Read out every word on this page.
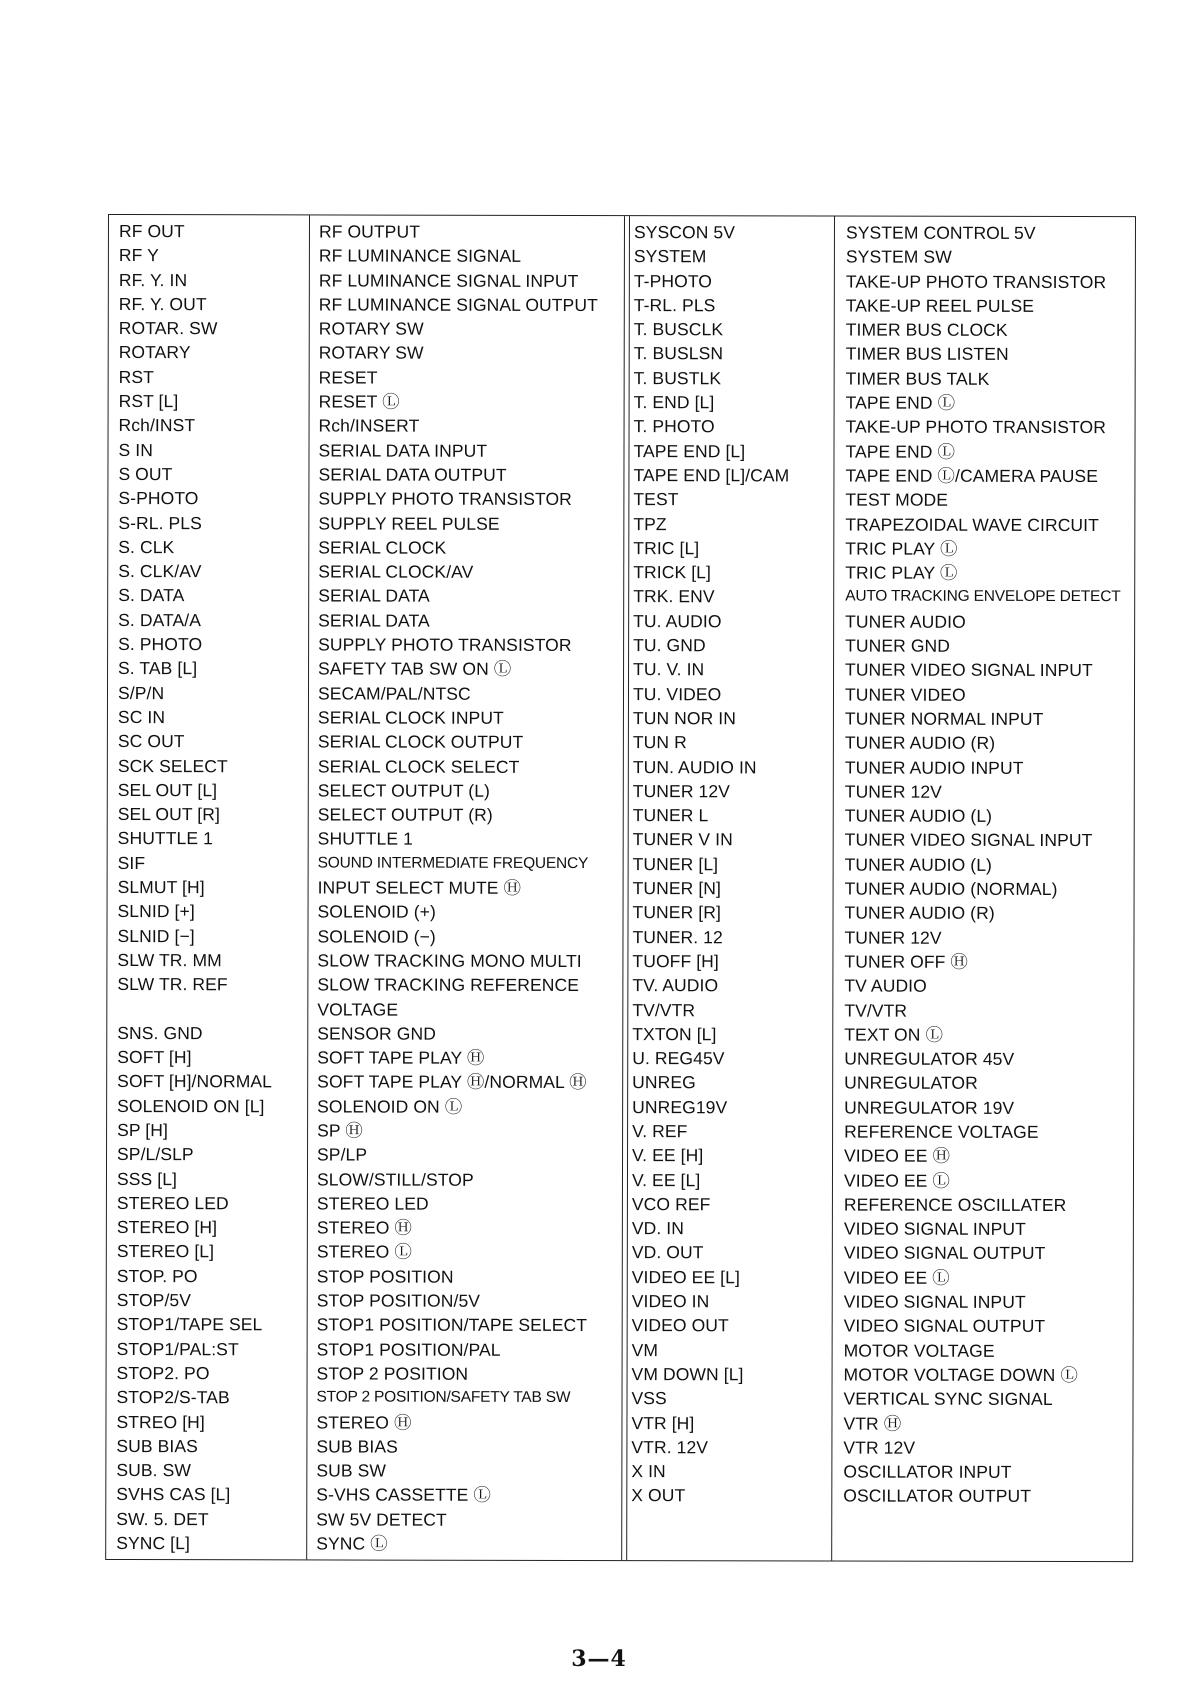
RF OUT
RF Y
RF. Y. IN
RF. Y. OUT
ROTAR. SW
ROTARY
RST
RST [L]
Rch/INST
S IN
S OUT
S-PHOTO
S-RL. PLS
S. CLK
S. CLK/AV
S. DATA
S. DATA/A
S. PHOTO
S. TAB [L]
S/P/N
SC IN
SC OUT
SCK SELECT
SEL OUT [L]
SEL OUT [R]
SHUTTLE 1
SIF
SLMUT [H]
SLNID [+]
SLNID [−]
SLW TR. MM
SLW TR. REF
SNS. GND
SOFT [H]
SOFT [H]/NORMAL
SOLENOID ON [L]
SP [H]
SP/L/SLP
SSS [L]
STEREO LED
STEREO [H]
STEREO [L]
STOP. PO
STOP/5V
STOP1/TAPE SEL
STOP1/PAL:ST
STOP2. PO
STOP2/S-TAB
STREO [H]
SUB BIAS
SUB. SW
SVHS CAS [L]
SW. 5. DET
SYNC [L]
RF OUTPUT
RF LUMINANCE SIGNAL
RF LUMINANCE SIGNAL INPUT
RF LUMINANCE SIGNAL OUTPUT
ROTARY SW
ROTARY SW
RESET
RESET Ⓛ
Rch/INSERT
SERIAL DATA INPUT
SERIAL DATA OUTPUT
SUPPLY PHOTO TRANSISTOR
SUPPLY REEL PULSE
SERIAL CLOCK
SERIAL CLOCK/AV
SERIAL DATA
SERIAL DATA
SUPPLY PHOTO TRANSISTOR
SAFETY TAB SW ON Ⓛ
SECAM/PAL/NTSC
SERIAL CLOCK INPUT
SERIAL CLOCK OUTPUT
SERIAL CLOCK SELECT
SELECT OUTPUT (L)
SELECT OUTPUT (R)
SHUTTLE 1
SOUND INTERMEDIATE FREQUENCY
INPUT SELECT MUTE Ⓗ
SOLENOID (+)
SOLENOID (−)
SLOW TRACKING MONO MULTI
SLOW TRACKING REFERENCE
VOLTAGE
SENSOR GND
SOFT TAPE PLAY Ⓗ
SOFT TAPE PLAY Ⓗ/NORMAL Ⓗ
SOLENOID ON Ⓛ
SP Ⓗ
SP/LP
SLOW/STILL/STOP
STEREO LED
STEREO Ⓗ
STEREO Ⓛ
STOP POSITION
STOP POSITION/5V
STOP1 POSITION/TAPE SELECT
STOP1 POSITION/PAL
STOP 2 POSITION
STOP 2 POSITION/SAFETY TAB SW
STEREO Ⓗ
SUB BIAS
SUB SW
S-VHS CASSETTE Ⓛ
SW 5V DETECT
SYNC Ⓛ
SYSCON 5V
SYSTEM
T-PHOTO
T-RL. PLS
T. BUSCLK
T. BUSLSN
T. BUSTLK
T. END [L]
T. PHOTO
TAPE END [L]
TAPE END [L]/CAM
TEST
TPZ
TRIC [L]
TRICK [L]
TRK. ENV
TU. AUDIO
TU. GND
TU. V. IN
TU. VIDEO
TUN NOR IN
TUN R
TUN. AUDIO IN
TUNER 12V
TUNER L
TUNER V IN
TUNER [L]
TUNER [N]
TUNER [R]
TUNER. 12
TUOFF [H]
TV. AUDIO
TV/VTR
TXTON [L]
U. REG45V
UNREG
UNREG19V
V. REF
V. EE [H]
V. EE [L]
VCO REF
VD. IN
VD. OUT
VIDEO EE [L]
VIDEO IN
VIDEO OUT
VM
VM DOWN [L]
VSS
VTR [H]
VTR. 12V
X IN
X OUT
SYSTEM CONTROL 5V
SYSTEM SW
TAKE-UP PHOTO TRANSISTOR
TAKE-UP REEL PULSE
TIMER BUS CLOCK
TIMER BUS LISTEN
TIMER BUS TALK
TAPE END Ⓛ
TAKE-UP PHOTO TRANSISTOR
TAPE END Ⓛ
TAPE END Ⓛ/CAMERA PAUSE
TEST MODE
TRAPEZOIDAL WAVE CIRCUIT
TRIC PLAY Ⓛ
TRIC PLAY Ⓛ
AUTO TRACKING ENVELOPE DETECT
TUNER AUDIO
TUNER GND
TUNER VIDEO SIGNAL INPUT
TUNER VIDEO
TUNER NORMAL INPUT
TUNER AUDIO (R)
TUNER AUDIO INPUT
TUNER 12V
TUNER AUDIO (L)
TUNER VIDEO SIGNAL INPUT
TUNER AUDIO (L)
TUNER AUDIO (NORMAL)
TUNER AUDIO (R)
TUNER 12V
TUNER OFF Ⓗ
TV AUDIO
TV/VTR
TEXT ON Ⓛ
UNREGULATOR 45V
UNREGULATOR
UNREGULATOR 19V
REFERENCE VOLTAGE
VIDEO EE Ⓗ
VIDEO EE Ⓛ
REFERENCE OSCILLATER
VIDEO SIGNAL INPUT
VIDEO SIGNAL OUTPUT
VIDEO EE Ⓛ
VIDEO SIGNAL INPUT
VIDEO SIGNAL OUTPUT
MOTOR VOLTAGE
MOTOR VOLTAGE DOWN Ⓛ
VERTICAL SYNC SIGNAL
VTR Ⓗ
VTR 12V
OSCILLATOR INPUT
OSCILLATOR OUTPUT
3—4
